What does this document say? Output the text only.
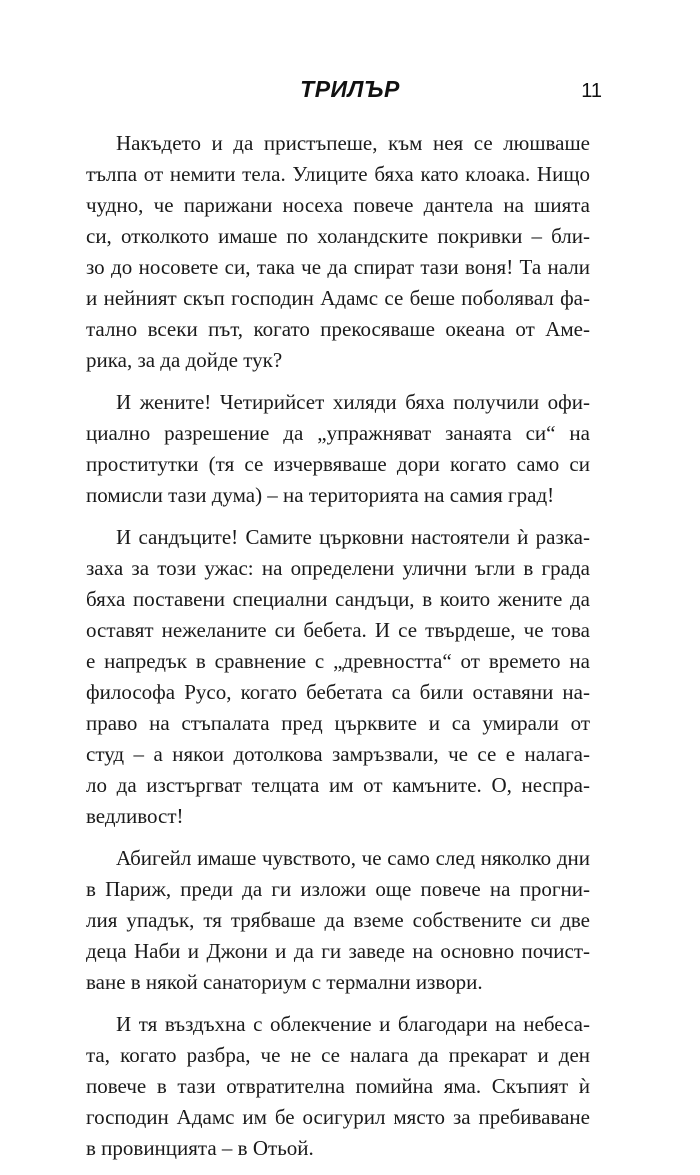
ТРИЛЪР	11
Накъдето и да пристъпеше, към нея се люшваше
тълпа от немити тела. Улиците бяха като клоака. Нищо
чудно, че парижани носеха повече дантела на шията
си, отколкото имаше по холандските покривки – бли-
зо до носовете си, така че да спират тази воня! Та нали
и нейният скъп господин Адамс се беше поболявал фа-
тално всеки път, когато прекосяваше океана от Аме-
рика, за да дойде тук?
И жените! Четирийсет хиляди бяха получили офи-
циално разрешение да „упражняват занаята си“ на
проститутки (тя се изчервяваше дори когато само си
помисли тази дума) – на територията на самия град!
И сандъците! Самите църковни настоятели ѝ разка-
заха за този ужас: на определени улични ъгли в града
бяха поставени специални сандъци, в които жените да
оставят нежеланите си бебета. И се твърдеше, че това
е напредък в сравнение с „древността“ от времето на
философа Русо, когато бебетата са били оставяни на-
право на стъпалата пред църквите и са умирали от
студ – а някои дотолкова замръзвали, че се е налага-
ло да изстъргват телцата им от камъните. О, неспра-
ведливост!
Абигейл имаше чувството, че само след няколко дни
в Париж, преди да ги изложи още повече на прогни-
лия упадък, тя трябваше да вземе собствените си две
деца Наби и Джони и да ги заведе на основно почист-
ване в някой санаториум с термални извори.
И тя въздъхна с облекчение и благодари на небеса-
та, когато разбра, че не се налага да прекарат и ден
повече в тази отвратителна помийна яма. Скъпият ѝ
господин Адамс им бе осигурил място за пребиваване
в провинцията – в Отьой.
